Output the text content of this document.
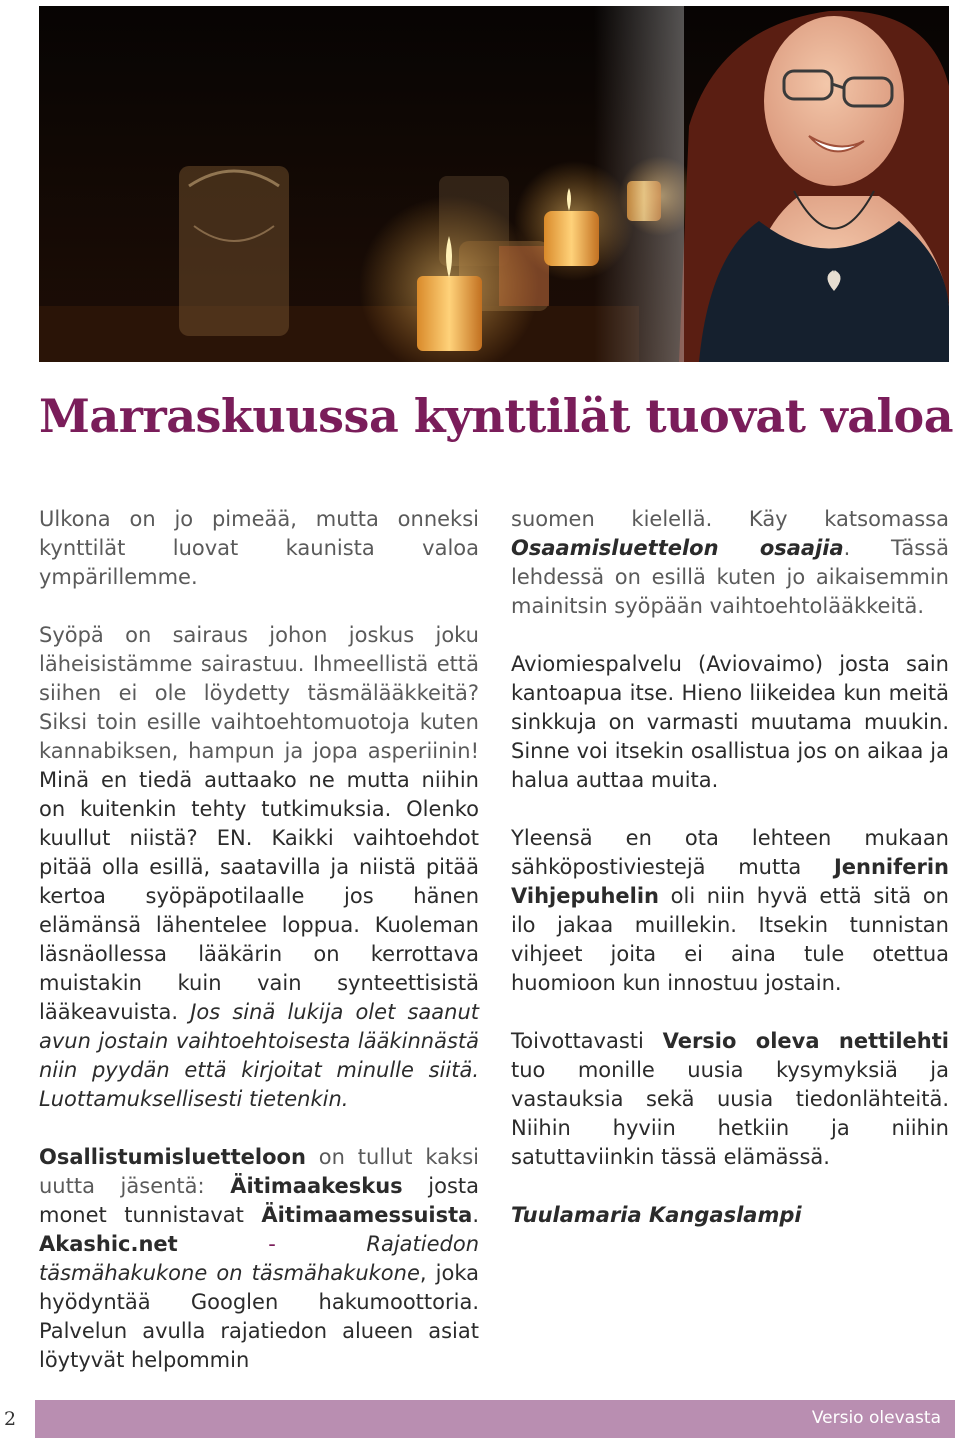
Marraskuussa kynttilät tuovat valoa

Ulkona on jo pimeää, mutta onneksi kynttilät luovat kaunista valoa ympärillemme.

Syöpä on sairaus johon joskus joku läheisistämme sairastuu. Ihmeellistä että siihen ei ole löydetty täsmälääkkeitä? Siksi toin esille vaihtoehtomuotoja kuten kannabiksen, hampun ja jopa asperiinin! Minä en tiedä auttaako ne mutta niihin on kuitenkin tehty tutkimuksia. Olenko kuullut niistä? EN. Kaikki vaihtoehdot pitää olla esillä, saatavilla ja niistä pitää kertoa syöpäpotilaalle jos hänen elämänsä lähentelee loppua. Kuoleman läsnäollessa lääkärin on kerrottava muistakin kuin vain synteettisistä lääkeavuista. Jos sinä lukija olet saanut avun jostain vaihtoehtoisesta lääkinnästä niin pyydän että kirjoitat minulle siitä. Luottamuksellisesti tietenkin.

Osallistumisluetteloon on tullut kaksi uutta jäsentä: Äitimaakeskus josta monet tunnistavat Äitimaamessuista. Akashic.net - Rajatiedon täsmähakukone on täsmähakukone, joka hyödyntää Googlen hakumoottoria. Palvelun avulla rajatiedon alueen asiat löytyvät helpommin

suomen kielellä. Käy katsomassa Osaamisluettelon osaajia. Tässä lehdessä on esillä kuten jo aikaisemmin mainitsin syöpään vaihtoehtolääkkeitä.

Aviomiespalvelu (Aviovaimo) josta sain kantoapua itse. Hieno liikeidea kun meitä sinkkuja on varmasti muutama muukin. Sinne voi itsekin osallistua jos on aikaa ja halua auttaa muita.

Yleensä en ota lehteen mukaan sähköpostiviestejä mutta Jenniferin Vihjepuhelin oli niin hyvä että sitä on ilo jakaa muillekin. Itsekin tunnistan vihjeet joita ei aina tule otettua huomioon kun innostuu jostain.

Toivottavasti Versio oleva nettilehti tuo monille uusia kysymyksiä ja vastauksia sekä uusia tiedonlähteitä. Niihin hyviin hetkiin ja niihin satuttaviinkin tässä elämässä.

Tuulamaria Kangaslampi

2	Versio olevasta
